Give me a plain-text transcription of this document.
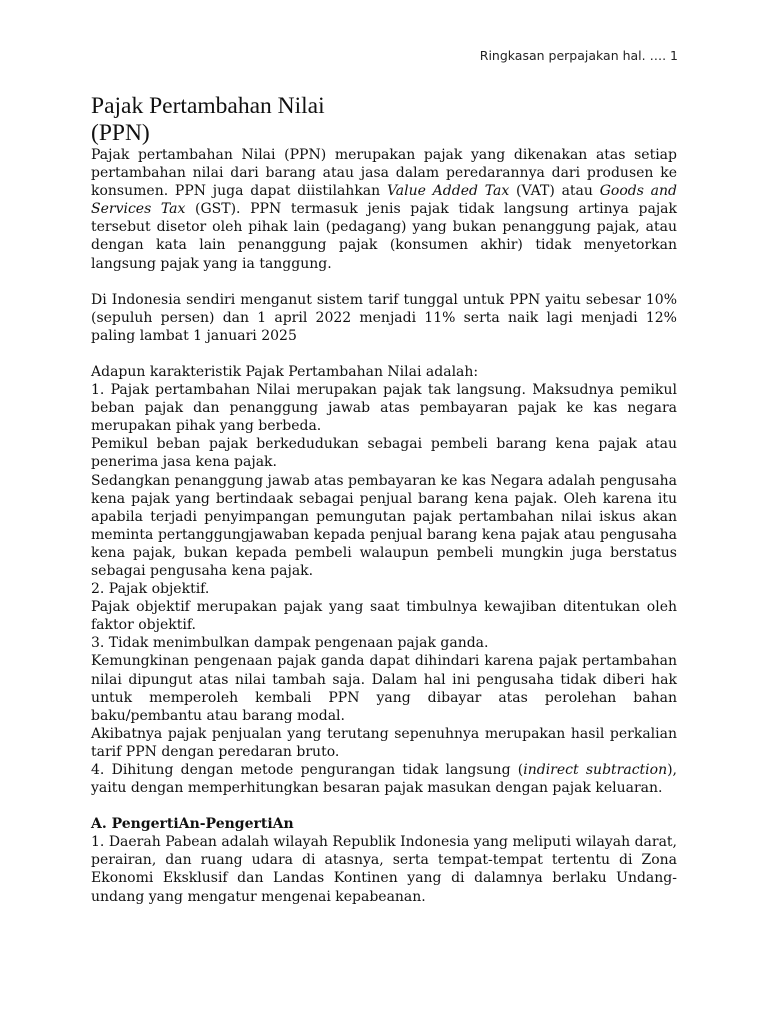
Ringkasan perpajakan hal. …. 1
Pajak Pertambahan Nilai
(PPN)

Pajak pertambahan Nilai (PPN) merupakan pajak yang dikenakan atas setiap pertambahan nilai dari barang atau jasa dalam peredarannya dari produsen ke konsumen. PPN juga dapat diistilahkan Value Added Tax (VAT) atau Goods and Services Tax (GST). PPN termasuk jenis pajak tidak langsung artinya pajak tersebut disetor oleh pihak lain (pedagang) yang bukan penanggung pajak, atau dengan kata lain penanggung pajak (konsumen akhir) tidak menyetorkan langsung pajak yang ia tanggung.

Di Indonesia sendiri menganut sistem tarif tunggal untuk PPN yaitu sebesar 10% (sepuluh persen) dan 1 april 2022 menjadi 11% serta naik lagi menjadi 12% paling lambat 1 januari 2025

Adapun karakteristik Pajak Pertambahan Nilai adalah:

1. Pajak pertambahan Nilai merupakan pajak tak langsung. Maksudnya pemikul beban pajak dan penanggung jawab atas pembayaran pajak ke kas negara merupakan pihak yang berbeda.

Pemikul beban pajak berkedudukan sebagai pembeli barang kena pajak atau penerima jasa kena pajak.

Sedangkan penanggung jawab atas pembayaran ke kas Negara adalah pengusaha kena pajak yang bertindaak sebagai penjual barang kena pajak. Oleh karena itu apabila terjadi penyimpangan pemungutan pajak pertambahan nilai iskus akan meminta pertanggungjawaban kepada penjual barang kena pajak atau pengusaha kena pajak, bukan kepada pembeli walaupun pembeli mungkin juga berstatus sebagai pengusaha kena pajak.

2. Pajak objektif.

Pajak objektif merupakan pajak yang saat timbulnya kewajiban ditentukan oleh faktor objektif.

3. Tidak menimbulkan dampak pengenaan pajak ganda.

Kemungkinan pengenaan pajak ganda dapat dihindari karena pajak pertambahan nilai dipungut atas nilai tambah saja. Dalam hal ini pengusaha tidak diberi hak untuk memperoleh kembali PPN yang dibayar atas perolehan bahan baku/pembantu atau barang modal.

Akibatnya pajak penjualan yang terutang sepenuhnya merupakan hasil perkalian tarif PPN dengan peredaran bruto.

4. Dihitung dengan metode pengurangan tidak langsung (indirect subtraction), yaitu dengan memperhitungkan besaran pajak masukan dengan pajak keluaran.

A. PengertiAn-PengertiAn

1. Daerah Pabean adalah wilayah Republik Indonesia yang meliputi wilayah darat, perairan, dan ruang udara di atasnya, serta tempat-tempat tertentu di Zona Ekonomi Eksklusif dan Landas Kontinen yang di dalamnya berlaku Undang-undang yang mengatur mengenai kepabeanan.
